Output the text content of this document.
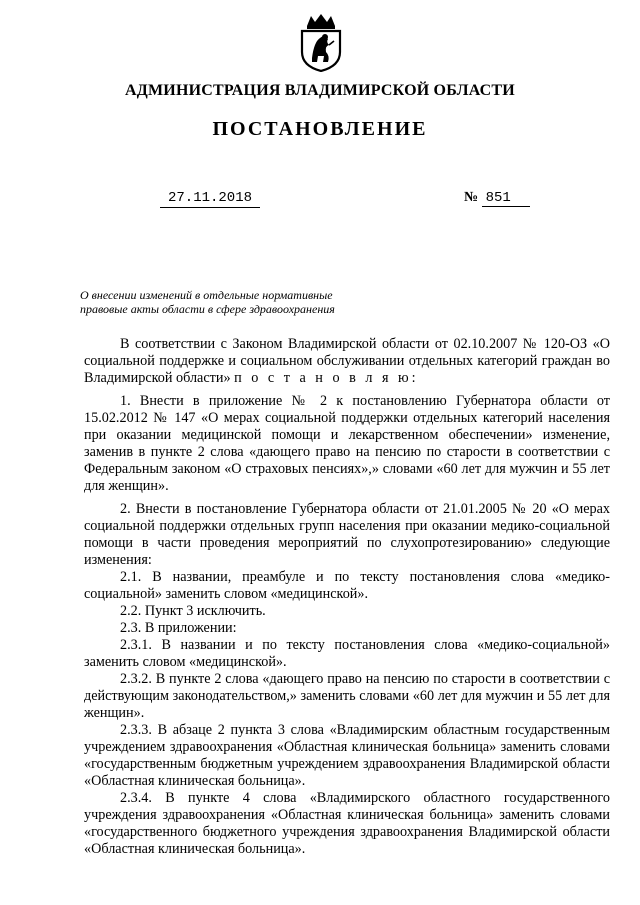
АДМИНИСТРАЦИЯ ВЛАДИМИРСКОЙ ОБЛАСТИ
ПОСТАНОВЛЕНИЕ
27.11.2018	№ 851
О внесении изменений в отдельные нормативные
правовые акты области в сфере здравоохранения

В соответствии с Законом Владимирской области от 02.10.2007 № 120-ОЗ «О социальной поддержке и социальном обслуживании отдельных категорий граждан во Владимирской области» п о с т а н о в л я ю:

1. Внести в приложение № 2 к постановлению Губернатора области от 15.02.2012 № 147 «О мерах социальной поддержки отдельных категорий населения при оказании медицинской помощи и лекарственном обеспечении» изменение, заменив в пункте 2 слова «дающего право на пенсию по старости в соответствии с Федеральным законом «О страховых пенсиях»,» словами «60 лет для мужчин и 55 лет для женщин».

2. Внести в постановление Губернатора области от 21.01.2005 № 20 «О мерах социальной поддержки отдельных групп населения при оказании медико-социальной помощи в части проведения мероприятий по слухопротезированию» следующие изменения:

2.1. В названии, преамбуле и по тексту постановления слова «медико-социальной» заменить словом «медицинской».

2.2. Пункт 3 исключить.

2.3. В приложении:

2.3.1. В названии и по тексту постановления слова «медико-социальной» заменить словом «медицинской».

2.3.2. В пункте 2 слова «дающего право на пенсию по старости в соответствии с действующим законодательством,» заменить словами «60 лет для мужчин и 55 лет для женщин».

2.3.3. В абзаце 2 пункта 3 слова «Владимирским областным государственным учреждением здравоохранения «Областная клиническая больница» заменить словами «государственным бюджетным учреждением здравоохранения Владимирской области «Областная клиническая больница».

2.3.4. В пункте 4 слова «Владимирского областного государственного учреждения здравоохранения «Областная клиническая больница» заменить словами «государственного бюджетного учреждения здравоохранения Владимирской области «Областная клиническая больница».
